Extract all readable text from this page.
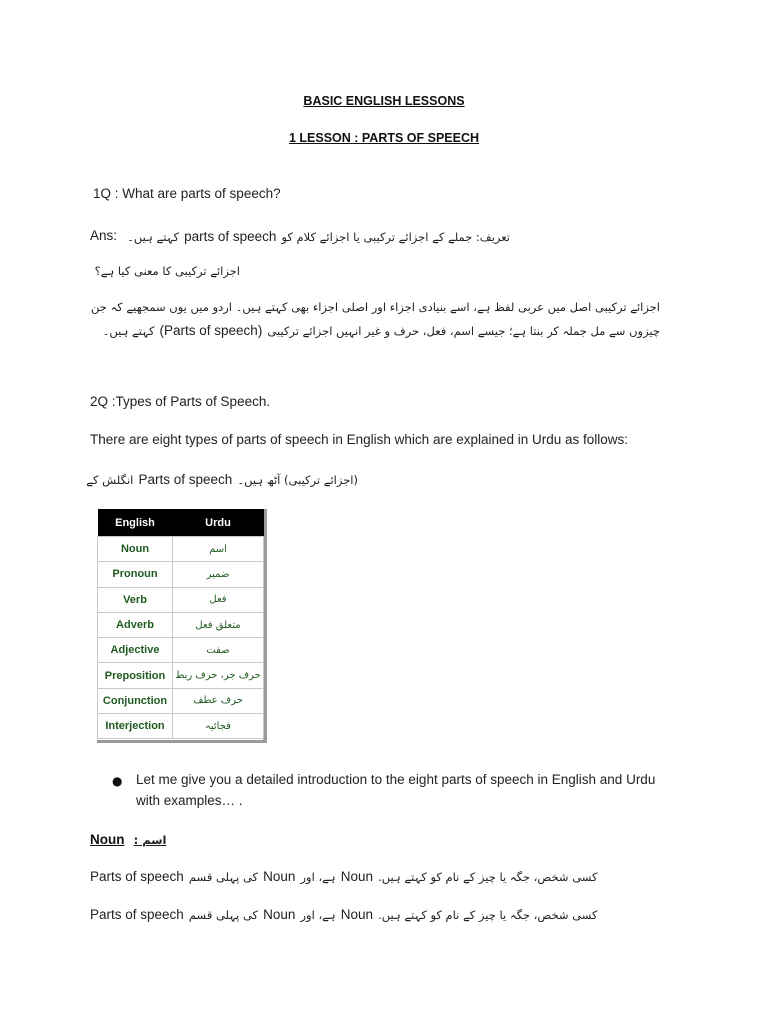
BASIC ENGLISH LESSONS
1 LESSON : PARTS OF SPEECH
1Q : What are parts of speech?
Ans:	تعریف: جملے کے اجزائے ترکیبی یا اجزائے کلام کو parts of speech کہتے ہیں۔
اجزائے ترکیبی کا معنی کیا ہے؟
اجزائے ترکیبی اصل میں عربی لفظ ہے، اسے بنیادی اجزاء اور اصلی اجزاء بھی کہتے ہیں۔ اردو میں یوں سمجھیے کہ جن
چیزوں سے مل جملہ کر بنتا ہے؛ جیسے اسم، فعل، حرف و غیر انہیں اجزائے ترکیبی (Parts of speech) کہتے ہیں۔
2Q :Types of Parts of Speech.
There are eight types of parts of speech in English which are explained in Urdu as follows:
(اجزائے ترکیبی) آٹھ ہیں۔ Parts of speech انگلش کے
English	Urdu
Noun	اسم
Pronoun	ضمیر
Verb	فعل
Adverb	متعلق فعل
Adjective	صفت
Preposition	حرف جر، حرف ربط
Conjunction	حرف عطف
Interjection	فجائیہ
● Let me give you a detailed introduction to the eight parts of speech in English and Urdu
with examples… .
Noun اسم :
Parts of speech کی پہلی قسم Noun ہے، اور Noun کسی شخص، جگہ یا چیز کے نام کو کہتے ہیں.
Parts of speech کی پہلی قسم Noun ہے، اور Noun کسی شخص، جگہ یا چیز کے نام کو کہتے ہیں.
